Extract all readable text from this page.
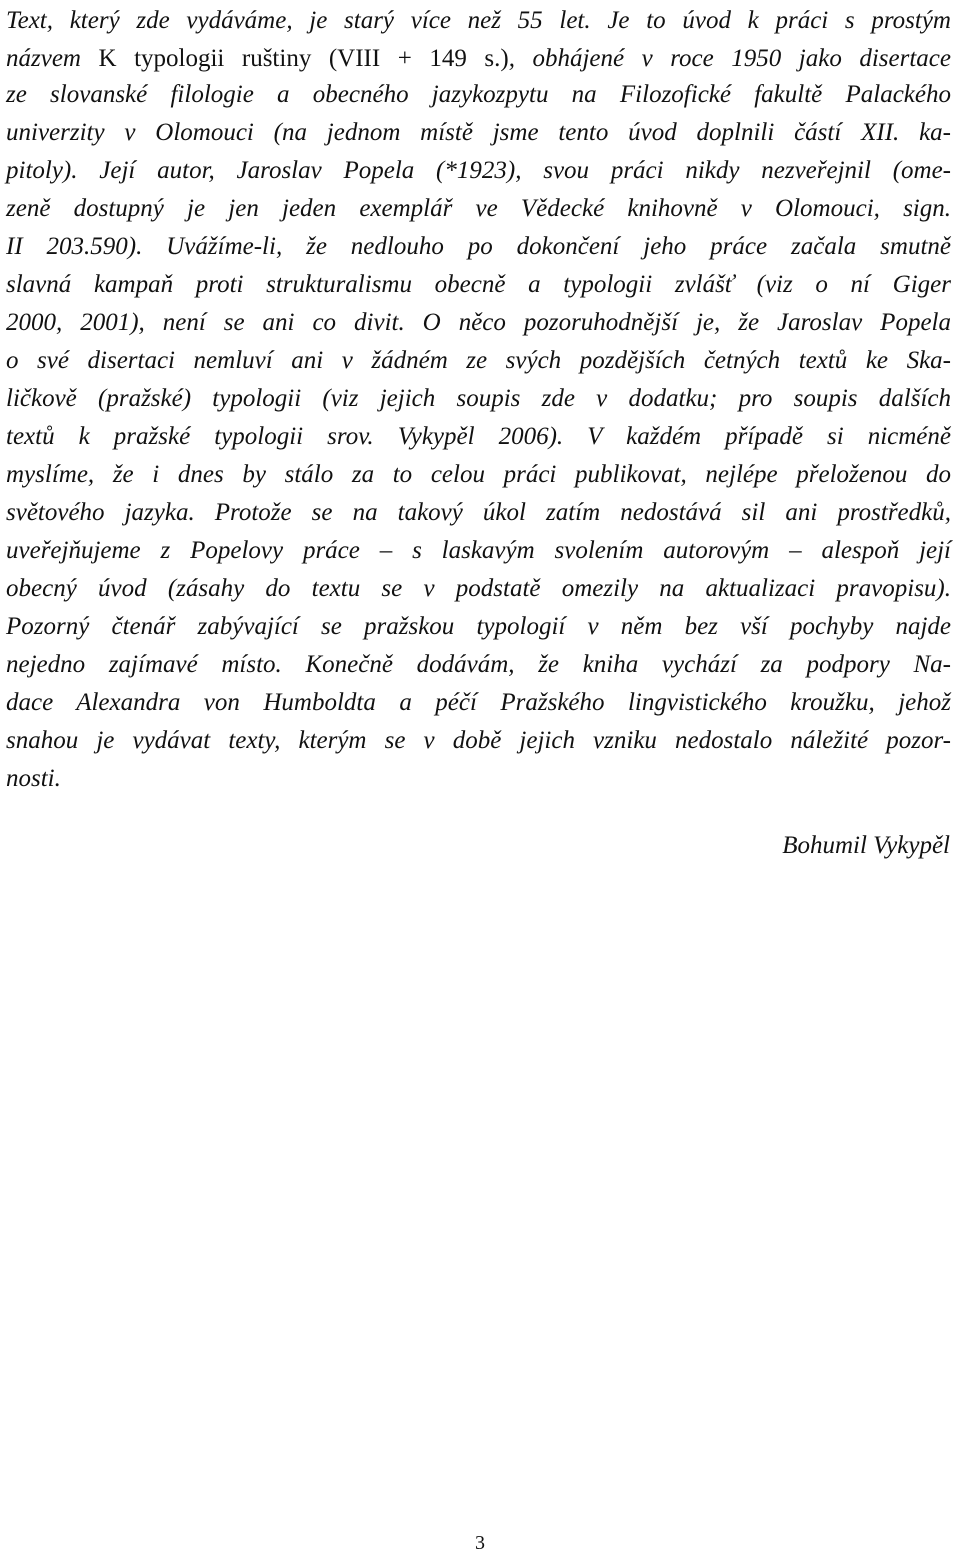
Text, který zde vydáváme, je starý více než 55 let. Je to úvod k práci s prostým
názvem K typologii ruštiny (VIII + 149 s.), obhájené v roce 1950 jako disertace
ze slovanské filologie a obecného jazykozpytu na Filozofické fakultě Palackého
univerzity v Olomouci (na jednom místě jsme tento úvod doplnili částí XII. ka-
pitoly). Její autor, Jaroslav Popela (*1923), svou práci nikdy nezveřejnil (ome-
zeně dostupný je jen jeden exemplář ve Vědecké knihovně v Olomouci, sign.
II 203.590). Uvážíme-li, že nedlouho po dokončení jeho práce začala smutně
slavná kampaň proti strukturalismu obecně a typologii zvlášť (viz o ní Giger
2000, 2001), není se ani co divit. O něco pozoruhodnější je, že Jaroslav Popela
o své disertaci nemluví ani v žádném ze svých pozdějších četných textů ke Ska-
ličkově (pražské) typologii (viz jejich soupis zde v dodatku; pro soupis dalších
textů k pražské typologii srov. Vykypěl 2006). V každém případě si nicméně
myslíme, že i dnes by stálo za to celou práci publikovat, nejlépe přeloženou do
světového jazyka. Protože se na takový úkol zatím nedostává sil ani prostředků,
uveřejňujeme z Popelovy práce – s laskavým svolením autorovým – alespoň její
obecný úvod (zásahy do textu se v podstatě omezily na aktualizaci pravopisu).
Pozorný čtenář zabývající se pražskou typologií v něm bez vší pochyby najde
nejedno zajímavé místo. Konečně dodávám, že kniha vychází za podpory Na-
dace Alexandra von Humboldta a péčí Pražského lingvistického kroužku, jehož
snahou je vydávat texty, kterým se v době jejich vzniku nedostalo náležité pozor-
nosti.
Bohumil Vykypěl
3
